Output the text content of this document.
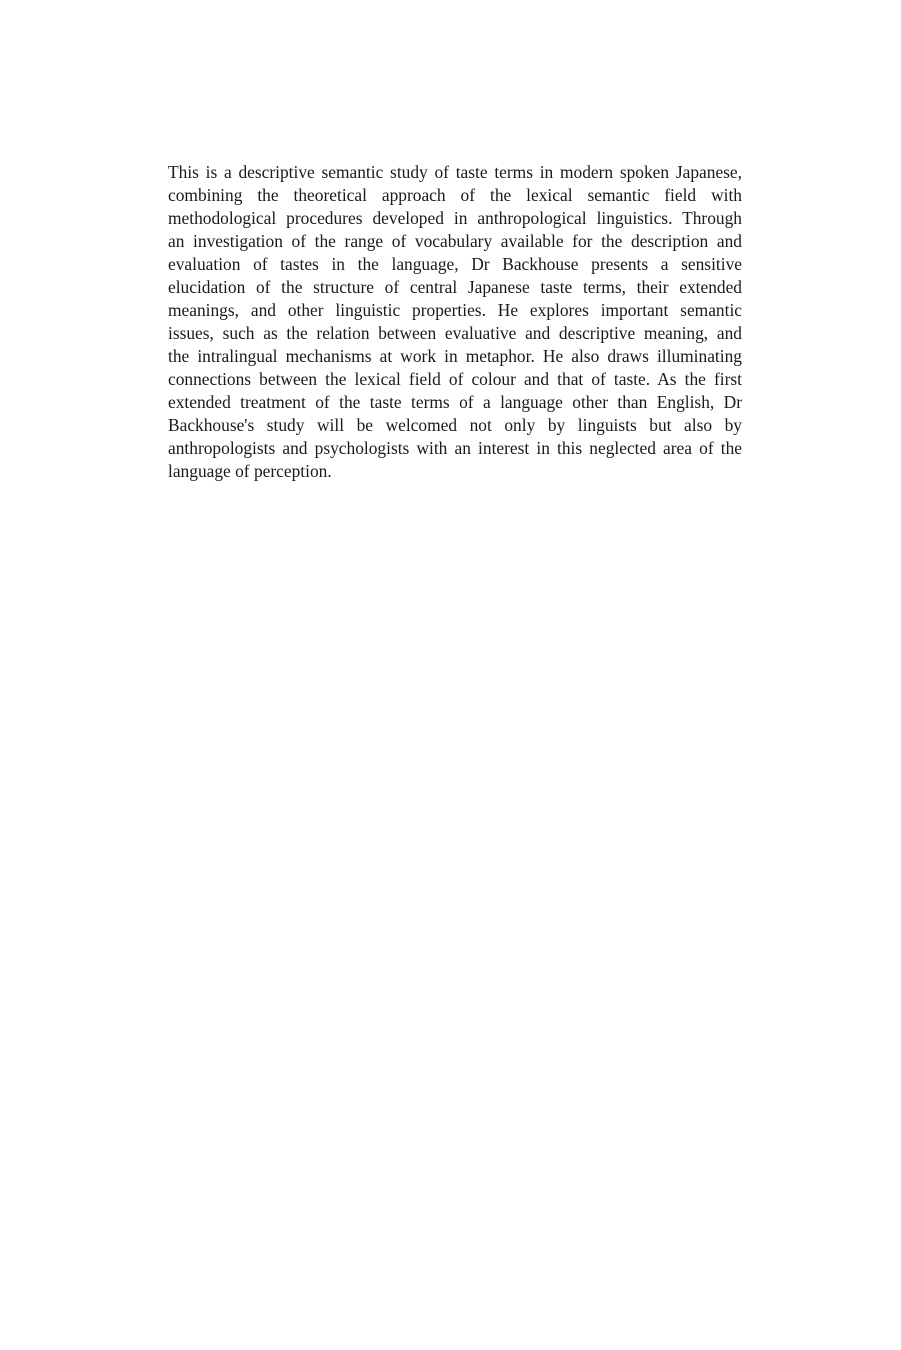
This is a descriptive semantic study of taste terms in modern spoken Japanese,
combining the theoretical approach of the lexical semantic field with
methodological procedures developed in anthropological linguistics. Through
an investigation of the range of vocabulary available for the description and
evaluation of tastes in the language, Dr Backhouse presents a sensitive
elucidation of the structure of central Japanese taste terms, their extended
meanings, and other linguistic properties. He explores important semantic
issues, such as the relation between evaluative and descriptive meaning, and
the intralingual mechanisms at work in metaphor. He also draws illuminating
connections between the lexical field of colour and that of taste. As the first
extended treatment of the taste terms of a language other than English, Dr
Backhouse's study will be welcomed not only by linguists but also by
anthropologists and psychologists with an interest in this neglected area of the
language of perception.
